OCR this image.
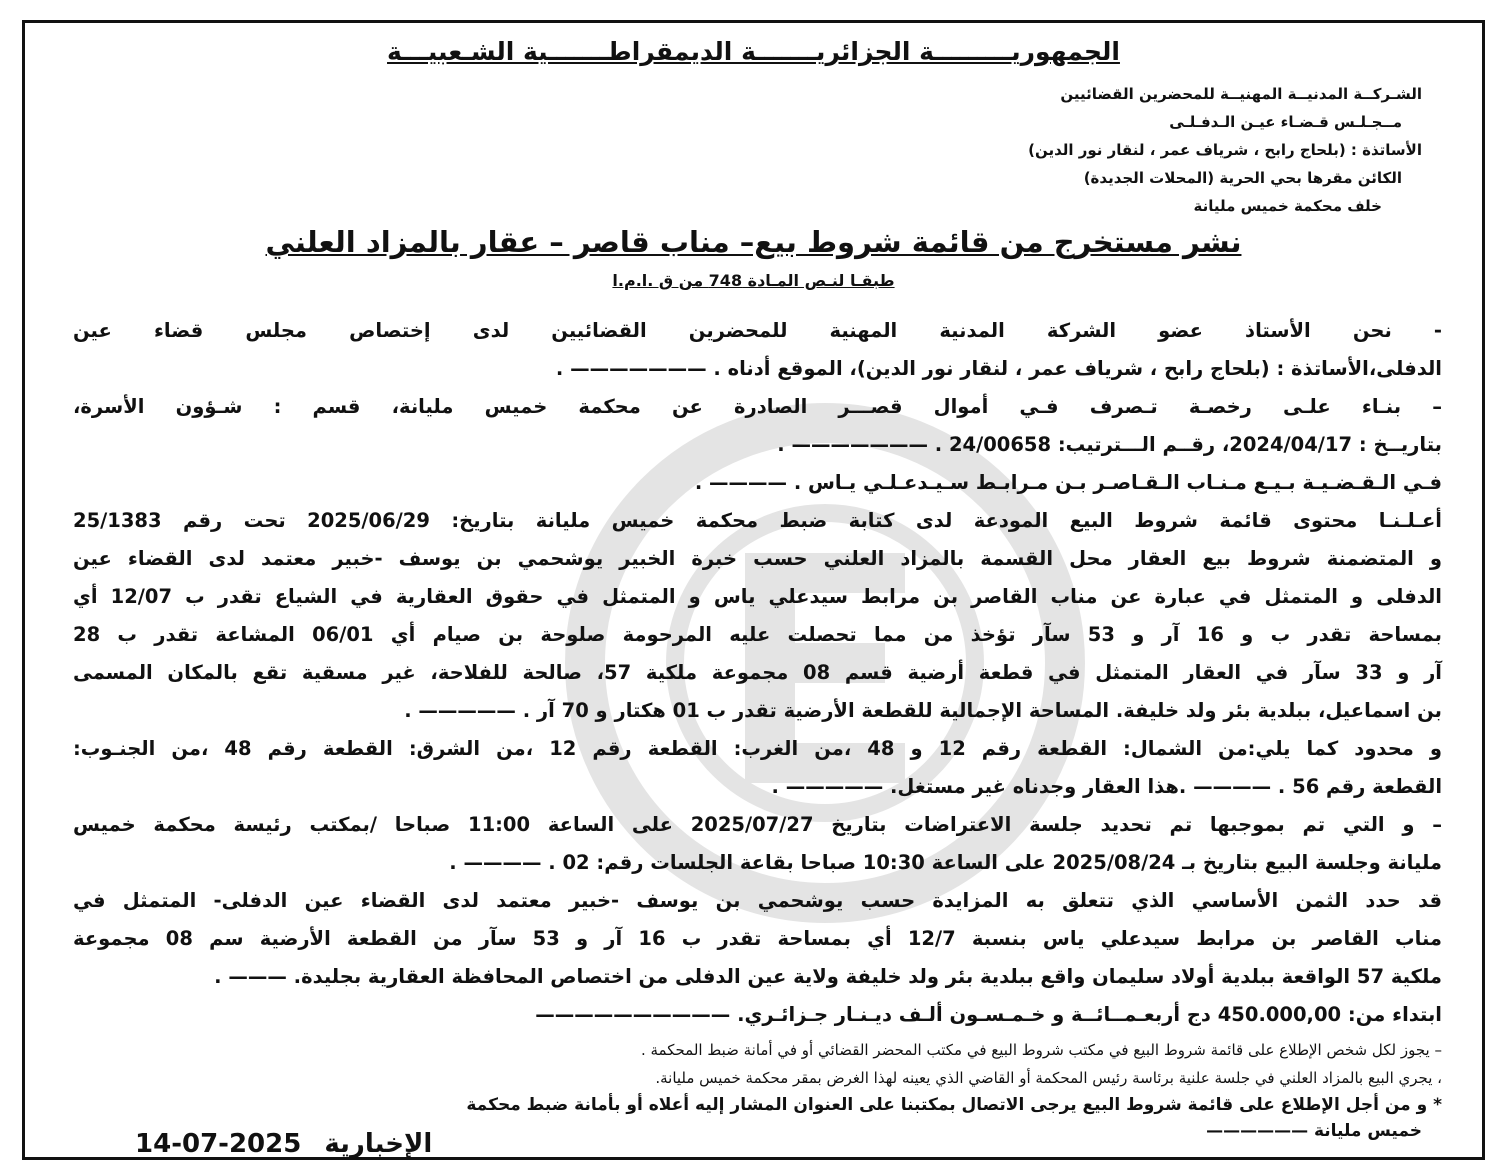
الجمهوريـــــــــة الجزائريـــــــة الديمقراطـــــــية الشـعبيـــة
الشـركــة المدنيــة المهنيــة للمحضرين القضائيين
مــجـلـس قـضـاء عيـن الـدفـلـى
الأساتذة : (بلحاج رابح ، شرياف عمر ، لنقار نور الدين)
الكائن مقرها بحي الحرية (المحلات الجديدة)
خلف محكمة خميس مليانة
نشر مستخرج من قائمة شروط بيع– مناب قاصر – عقار بالمزاد العلني
طبقـا لنـص المـادة 748 من ق .ا.م.ا
- نحن الأستاذ عضو الشركة المدنية المهنية للمحضرين القضائيين لدى إختصاص مجلس قضاء عين
الدفلى،الأساتذة : (بلحاج رابح ، شرياف عمر ، لنقار نور الدين)، الموقع أدناه . ——————— .
– بنـاء علـى رخصـة تـصرف فـي أموال قصـــر الصادرة عن محكمة خميس مليانة، قسم : شـؤون الأسرة،
بتاريــخ : 2024/04/17، رقــم الـــترتيب: 24/00658 . ——————— .
فـي الـقـضـيـة بـيـع مـنـاب الـقـاصـر بـن مـرابـط سـيـدعـلـي يـاس . ———— .
أعـلـنـا محتوى قائمة شروط البيع المودعة لدى كتابة ضبط محكمة خميس مليانة بتاريخ: 2025/06/29 تحت رقم 25/1383
و المتضمنة شروط بيع العقار محل القسمة بالمزاد العلني حسب خبرة الخبير يوشحمي بن يوسف -خبير معتمد لدى القضاء عين
الدفلى و المتمثل في عبارة عن مناب القاصر بن مرابط سيدعلي ياس و المتمثل في حقوق العقارية في الشياع تقدر ب 12/07 أي
بمساحة تقدر ب و 16 آر و 53 سآر تؤخذ من مما تحصلت عليه المرحومة صلوحة بن صيام أي 06/01 المشاعة تقدر ب 28
آر و 33 سآر في العقار المتمثل في قطعة أرضية قسم 08 مجموعة ملكية 57، صالحة للفلاحة، غير مسقية تقع بالمكان المسمى
بن اسماعيل، ببلدية بئر ولد خليفة. المساحة الإجمالية للقطعة الأرضية تقدر ب 01 هكتار و 70 آر . ————— .
و محدود كما يلي:من الشمال: القطعة رقم 12 و 48 ،من الغرب: القطعة رقم 12 ،من الشرق: القطعة رقم 48 ،من الجنـوب:
القطعة رقم 56 . ———— .هذا العقار وجدناه غير مستغل. ————— .
– و التي تم بموجبها تم تحديد جلسة الاعتراضات بتاريخ 2025/07/27 على الساعة 11:00 صباحا /بمكتب رئيسة محكمة خميس
مليانة وجلسة البيع بتاريخ بـ 2025/08/24 على الساعة 10:30 صباحا بقاعة الجلسات رقم: 02 . ———— .
قد حدد الثمن الأساسي الذي تتعلق به المزايدة حسب يوشحمي بن يوسف -خبير معتمد لدى القضاء عين الدفلى- المتمثل في
مناب القاصر بن مرابط سيدعلي ياس بنسبة 12/7 أي بمساحة تقدر ب 16 آر و 53 سآر من القطعة الأرضية سم 08 مجموعة
ملكية 57 الواقعة ببلدية أولاد سليمان واقع ببلدية بئر ولد خليفة ولاية عين الدفلى من اختصاص المحافظة العقارية بجليدة. ——— .
ابتداء من: 450.000,00 دج أربعـمــائــة و خـمـسـون ألـف ديـنـار جـزائـري. ——————————
– يجوز لكل شخص الإطلاع على قائمة شروط البيع في مكتب شروط البيع في مكتب المحضر القضائي أو في أمانة ضبط المحكمة .
، يجري البيع بالمزاد العلني في جلسة علنية برئاسة رئيس المحكمة أو القاضي الذي يعينه لهذا الغرض بمقر محكمة خميس مليانة.
* و من أجل الإطلاع على قائمة شروط البيع يرجى الاتصال بمكتبنا على العنوان المشار إليه أعلاه أو بأمانة ضبط محكمة
خميس مليانة ——————
الإخبارية 2025-07-14
